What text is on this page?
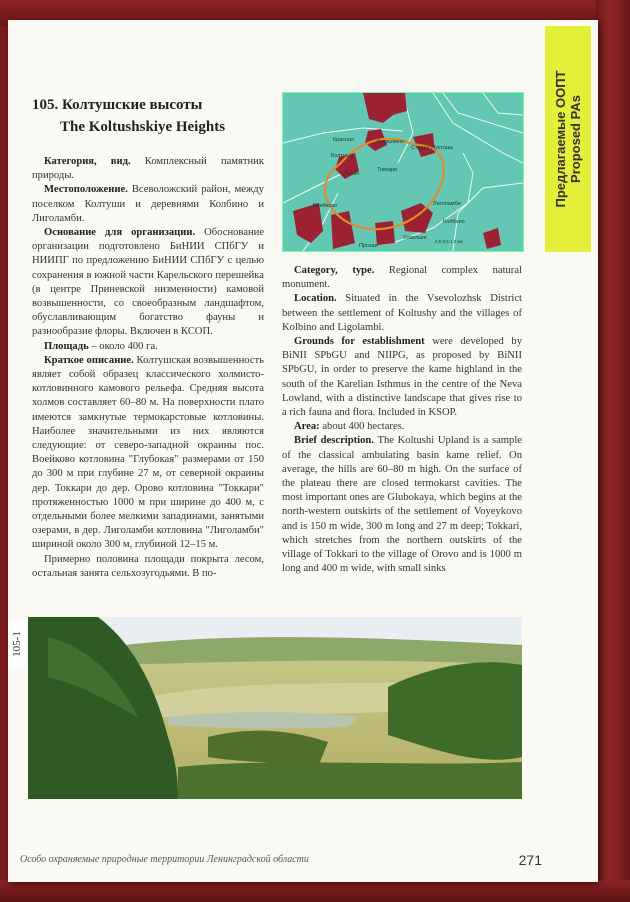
105. Колтушские высоты
The Koltushskiye Heights	Предлагаемые ООПТ Proposed PAs
Красная
Колтуши
Кукушкино
Старая Пустошь
Орово
Токкари
Воейково	Лиголамби
Прозаи
Хязельки
Колбино
0,5 0,5 1,0 км

Категория, вид. Комплексный памятник природы.

Местоположение. Всеволожский район, между поселком Колтуши и деревнями Колбино и Лиголамби.

Основание для организации. Обоснование организации подготовлено БиНИИ СПбГУ и НИИПГ по предложению БиНИИ СПбГУ с целью сохранения в южной части Карельского перешейка (в центре Приневской низменности) камовой возвышенности, со своеобразным ландшафтом, обуславливающим богатство фауны и разнообразие флоры. Включен в КСОП.

Площадь – около 400 га.

Краткое описание. Колтушская возвышенность являет собой образец классического холмисто-котловинного камового рельефа. Средняя высота холмов составляет 60–80 м. На поверхности плато имеются замкнутые термокарстовые котловины. Наиболее значительными из них являются следующие: от северо-западной окраины пос. Воейково котловина "Глубокая" размерами от 150 до 300 м при глубине 27 м, от северной окраины дер. Токкари до дер. Орово котловина "Токкари" протяженностью 1000 м при ширине до 400 м, с отдельными более мелкими западинами, занятыми озерами, в дер. Лиголамби котловина "Лиголамби" шириной около 300 м, глубиной 12–15 м.

Примерно половина площади покрыта лесом, остальная занята сельхозугодьями. В по-

Category, type. Regional complex natural monument.

Location. Situated in the Vsevolozhsk District between the settlement of Koltushy and the villages of Kolbino and Ligolambi.

Grounds for establishment were developed by BiNII SPbGU and NIIPG, as proposed by BiNII SPbGU, in order to preserve the kame highland in the south of the Karelian Isthmus in the centre of the Neva Lowland, with a distinctive landscape that gives rise to a rich fauna and flora. Included in KSOP.

Area: about 400 hectares.

Brief description. The Koltushi Upland is a sample of the classical ambulating basin kame relief. On average, the hills are 60–80 m high. On the surface of the plateau there are closed termokarst cavities. The most important ones are Glubokaya, which begins at the north-western outskirts of the settlement of Voyeykovo and is 150 m wide, 300 m long and 27 m deep; Tokkari, which stretches from the northern outskirts of the village of Tokkari to the village of Orovo and is 1000 m long and 400 m wide, with small sinks

105-1
Особо охраняемые природные территории Ленинградской области	271
